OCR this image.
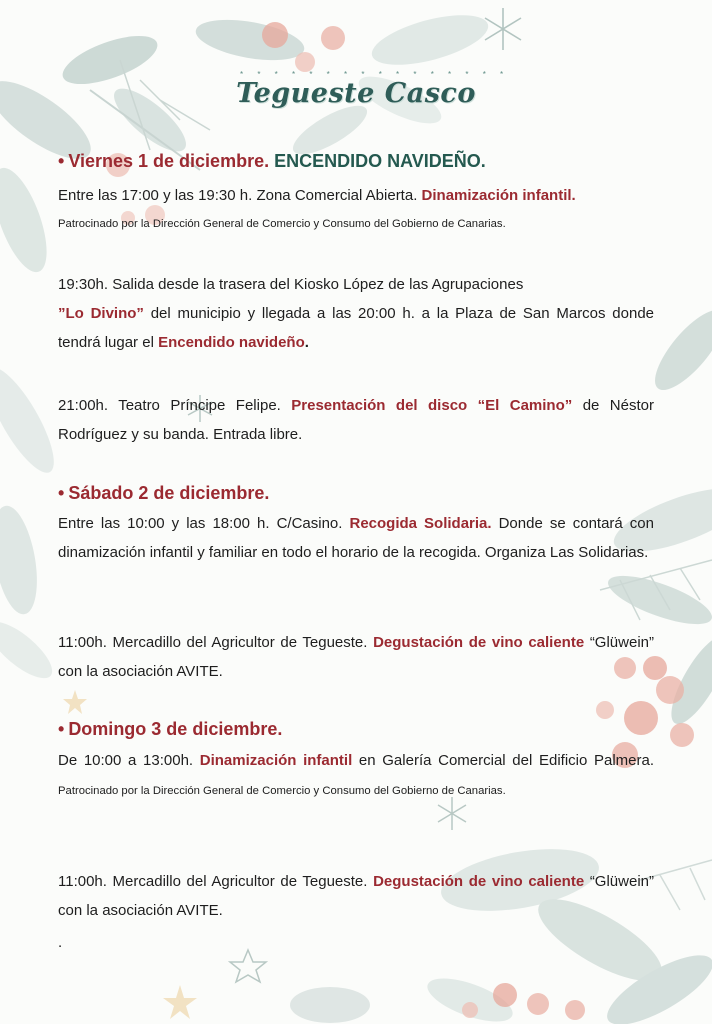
* * * * * * * * * * * * * * * *
Tegueste Casco
• Viernes 1 de diciembre. ENCENDIDO NAVIDEÑO.
Entre las 17:00 y las 19:30 h. Zona Comercial Abierta. Dinamización infantil.
Patrocinado por la Dirección General de Comercio y Consumo del Gobierno de Canarias.
19:30h. Salida desde la trasera del Kiosko López de las Agrupaciones
”Lo Divino” del municipio y llegada a las 20:00 h. a la Plaza de San Marcos donde tendrá lugar el Encendido navideño.
21:00h. Teatro Príncipe Felipe. Presentación del disco “El Camino” de Néstor Rodríguez y su banda. Entrada libre.
• Sábado 2 de diciembre.
Entre las 10:00 y las 18:00 h. C/Casino. Recogida Solidaria. Donde se contará con dinamización infantil y familiar en todo el horario de la recogida. Organiza Las Solidarias.
11:00h. Mercadillo del Agricultor de Tegueste. Degustación de vino caliente “Glüwein” con la asociación AVITE.
• Domingo 3 de diciembre.
De 10:00 a 13:00h. Dinamización infantil en Galería Comercial del Edificio Palmera. Patrocinado por la Dirección General de Comercio y Consumo del Gobierno de Canarias.
11:00h. Mercadillo del Agricultor de Tegueste. Degustación de vino caliente “Glüwein” con la asociación AVITE.
.
